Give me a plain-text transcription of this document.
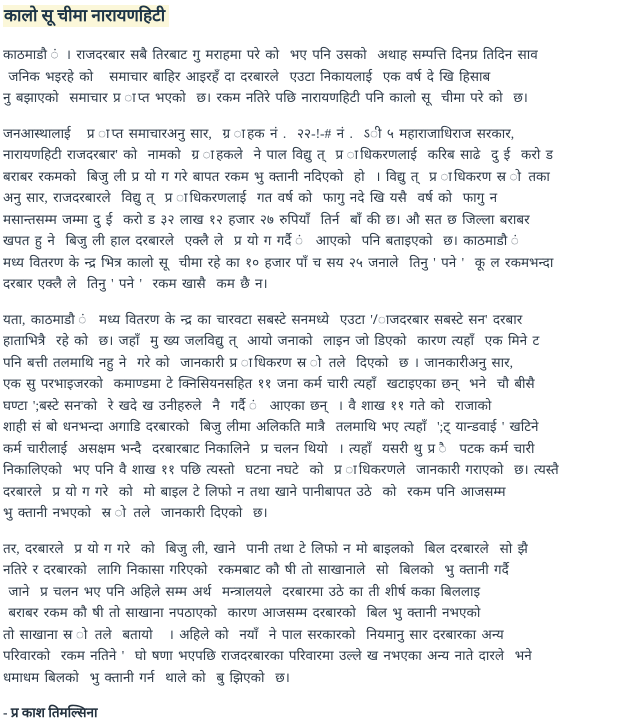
कालो सू चीमा नारायणहिटी
काठमाडौ ं । राजदरबार सबै तिरबाट गु मराहमा परे को  भए पनि उसको  अथाह सम्पत्ति दिनप्र तिदिन साव
जनिक भइरहे को   समाचार बाहिर आइरहँ दा दरबारले  एउटा निकायलाई  एक वर्ष दे खि हिसाब
नु बझाएको  समाचार प्र ाप्त भएको  छ। रकम नतिरे पछि नारायणहिटी पनि कालो सू  चीमा परे को  छ।
जनआस्थालाई   प्र ाप्त समाचारअनु सार,  ग्र ाहक नं .  २२-!-# नं .  ऽी ५ महाराजाधिराज सरकार,
नारायणहिटी राजदरबार' को  नामको  ग्र ाहकले  ने पाल विद्यु त्  प्र ाधिकरणलाई  करिब साढे  दु ई  करो ड
बराबर रकमको  बिजु ली प्र यो ग गरे बापत रकम भु क्तानी नदिएको  हो  । विद्यु त्  प्र ाधिकरण स्र ो तका
अनु सार, राजदरबारले  विद्यु त्  प्र ाधिकरणलाई  गत वर्ष को  फागु नदे खि यसै  वर्ष को  फागु न
मसान्तसम्म जम्मा दु ई  करो ड ३२ लाख १२ हजार २७ रुपियाँ  तिर्न  बाँ की छ। औ सत छ जिल्ला बराबर
खपत हु ने  बिजु ली हाल दरबारले  एक्लै ले  प्र यो ग गर्दै ं  आएको  पनि बताइएको  छ। काठमाडौ ं
मध्य वितरण के न्द्र भित्र कालो सू  चीमा रहे का १० हजार पाँ च सय २५ जनाले  तिनु ' पने '  कू ल रकमभन्दा
दरबार एक्लै ले  तिनु ' पने '  रकम खासै  कम छै न।
यता, काठमाडौ ं  मध्य वितरण के न्द्र का चारवटा सबस्टे सनमध्ये  एउटा '/ाजदरबार सबस्टे सन' दरबार
हाताभित्रै  रहे को  छ। जहाँ  मु ख्य जलविद्यु त्  आयो जनाको  लाइन जो डिएको  कारण त्यहाँ  एक मिने ट
पनि बत्ती तलमाथि नहु ने  गरे को  जानकारी प्र ाधिकरण स्र ो तले  दिएको  छ । जानकारीअनु सार,
एक सु परभाइजरको  कमाण्डमा टे क्निसियनसहित ११ जना कर्म चारी त्यहाँ  खटाइएका छन्  भने  चौ बीसै
घण्टा ';बस्टे सन'को  रे खदे ख उनीहरुले  नै  गर्दै ं  आएका छन्  । वै शाख ११ गते को  राजाको
शाही सं बो धनभन्दा अगाडि दरबारको  बिजु लीमा अलिकति मात्रै  तलमाथि भए त्यहाँ  ';ट् यान्डवाई ' खटिने
कर्म चारीलाई  असक्षम भन्दै  दरबारबाट निकालिने  प्र चलन थियो  । त्यहाँ  यसरी थु प्र ै  पटक कर्म चारी
निकालिएको  भए पनि वै शाख ११ पछि त्यस्तो  घटना नघटे  को  प्र ाधिकरणले  जानकारी गराएको  छ। त्यस्तै
दरबारले  प्र यो ग गरे  को  मो बाइल टे लिफो न तथा खाने पानीबापत उठे  को  रकम पनि आजसम्म
भु क्तानी नभएको  स्र ो तले  जानकारी दिएको  छ।
तर, दरबारले  प्र यो ग गरे  को  बिजु ली, खाने  पानी तथा टे लिफो न मो बाइलको  बिल दरबारले  सो झै
नतिरे र दरबारको  लागि निकासा गरिएको  रकमबाट कौ षी तो साखानाले  सो  बिलको  भु क्तानी गर्दै
जाने  प्र चलन भए पनि अहिले सम्म अर्थ  मन्त्रालयले  दरबारमा उठे का ती शीर्ष कका बिललाइ
बराबर रकम कौ षी तो साखाना नपठाएको  कारण आजसम्म दरबारको  बिल भु क्तानी नभएको
तो साखाना स्र ो तले  बतायो   । अहिले को  नयाँ  ने पाल सरकारको  नियमानु सार दरबारका अन्य
परिवारको  रकम नतिने '  घो षणा भएपछि राजदरबारका परिवारमा उल्ले ख नभएका अन्य नाते दारले  भने
धमाधम बिलको  भु क्तानी गर्न  थाले को  बु झिएको  छ।
- प्र काश तिमल्सिना
